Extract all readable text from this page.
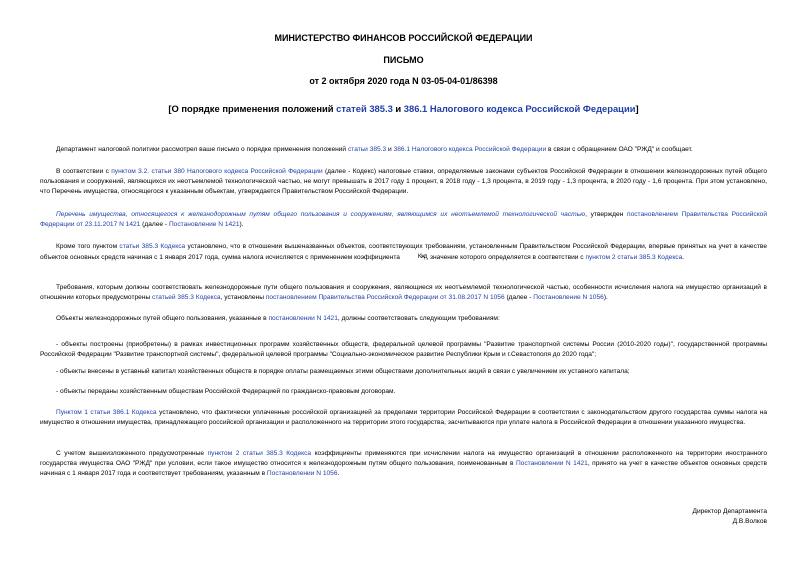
МИНИСТЕРСТВО ФИНАНСОВ РОССИЙСКОЙ ФЕДЕРАЦИИ
ПИСЬМО
от 2 октября 2020 года N 03-05-04-01/86398
[О порядке применения положений статей 385.3 и 386.1 Налогового кодекса Российской Федерации]

Департамент налоговой политики рассмотрел ваше письмо о порядке применения положений статьи 385.3 и 386.1 Налогового кодекса Российской Федерации в связи с обращением ОАО "РЖД" и сообщает.

В соответствии с пунктом 3.2. статьи 380 Налогового кодекса Российской Федерации (далее - Кодекс) налоговые ставки, определяемые законами субъектов Российской Федерации в отношении железнодорожных путей общего пользования и сооружений, являющихся их неотъемлемой технологической частью, не могут превышать в 2017 году 1 процент, в 2018 году - 1,3 процента, в 2019 году - 1,3 процента, в 2020 году - 1,6 процента. При этом установлено, что Перечень имущества, относящегося к указанным объектам, утверждается Правительством Российской Федерации.

Перечень имущества, относящегося к железнодорожным путям общего пользования и сооружениям, являющимся их неотъемлемой технологической частью, утвержден постановлением Правительства Российской Федерации от 23.11.2017 N 1421 (далее - Постановление N 1421).

Кроме того пунктом статьи 385.3 Кодекса установлено, что в отношении вышеназванных объектов, соответствующих требованиям, установленным Правительством Российской Федерации, впервые принятых на учет в качестве объектов основных средств начиная с 1 января 2017 года, сумма налога исчисляется с применением коэффициента	Kжд, значение которого определяется в соответствии с пунктом 2 статьи 385.3 Кодекса.

Требования, которым должны соответствовать железнодорожные пути общего пользования и сооружения, являющиеся их неотъемлемой технологической частью, особенности исчисления налога на имущество организаций в отношении которых предусмотрены статьей 385.3 Кодекса, установлены постановлением Правительства Российской Федерации от 31.08.2017 N 1056 (далее - Постановление N 1056).

Объекты железнодорожных путей общего пользования, указанные в постановлении N 1421, должны соответствовать следующим требованиям:

- объекты построены (приобретены) в рамках инвестиционных программ хозяйственных обществ, федеральной целевой программы "Развитие транспортной системы России (2010-2020 годы)", государственной программы Российской Федерации "Развитие транспортной системы", федеральной целевой программы "Социально-экономическое развитие Республики Крым и г.Севастополя до 2020 года";

- объекты внесены в уставный капитал хозяйственных обществ в порядке оплаты размещаемых этими обществами дополнительных акций в связи с увеличением их уставного капитала;

- объекты переданы хозяйственным обществам Российской Федерацией по гражданско-правовым договорам.

Пунктом 1 статьи 386.1 Кодекса установлено, что фактически уплаченные российской организацией за пределами территории Российской Федерации в соответствии с законодательством другого государства суммы налога на имущество в отношении имущества, принадлежащего российской организации и расположенного на территории этого государства, засчитываются при уплате налога в Российской Федерации в отношении указанного имущества.

С учетом вышеизложенного предусмотренные пунктом 2 статьи 385.3 Кодекса коэффициенты применяются при исчислении налога на имущество организаций в отношении расположенного на территории иностранного государства имущества ОАО "РЖД" при условии, если такое имущество относится к железнодорожным путям общего пользования, поименованным в Постановлении N 1421, принято на учет в качестве объектов основных средств начиная с 1 января 2017 года и соответствует требованиям, указанным в Постановлении N 1056.

Директор Департамента
Д.В.Волков
